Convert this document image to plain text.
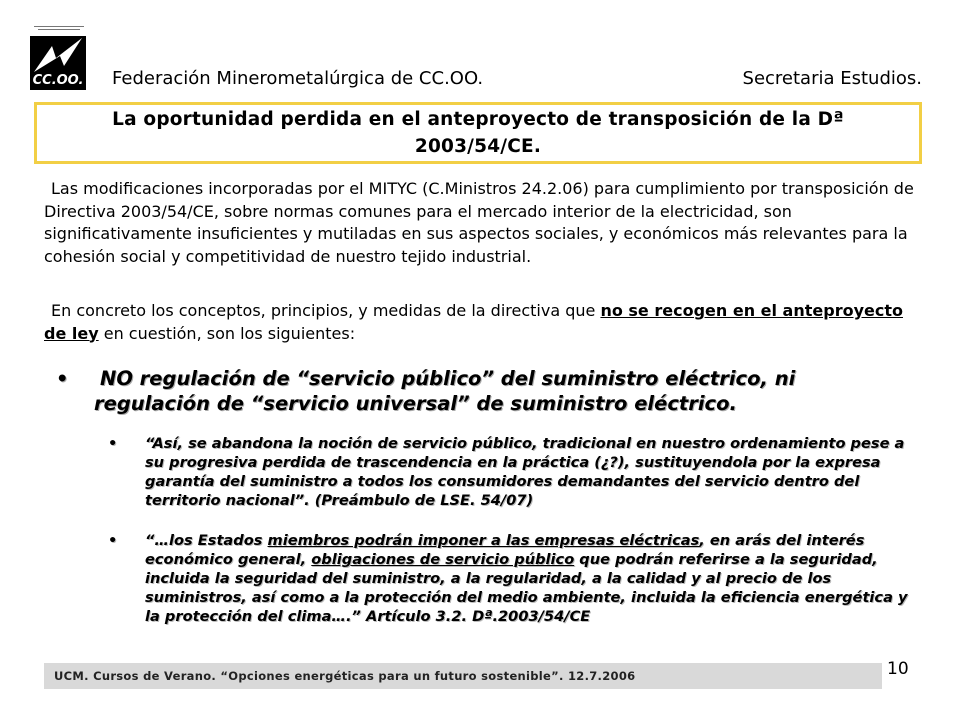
CC.OO. Federación Minerometalúrgica de CC.OO.	Secretaria Estudios.
La oportunidad perdida en el anteproyecto de transposición de la Dª 2003/54/CE.
Las modificaciones incorporadas por el MITYC (C.Ministros 24.2.06) para cumplimiento por transposición de Directiva 2003/54/CE, sobre normas comunes para el mercado interior de la electricidad, son significativamente insuficientes y mutiladas en sus aspectos sociales, y económicos más relevantes para la cohesión social y competitividad de nuestro tejido industrial.
En concreto los conceptos, principios, y medidas de la directiva que no se recogen en el anteproyecto de ley en cuestión, son los siguientes:
•	NO regulación de “servicio público” del suministro eléctrico, ni regulación de “servicio universal” de suministro eléctrico.
•	“Así, se abandona la noción de servicio público, tradicional en nuestro ordenamiento pese a su progresiva perdida de trascendencia en la práctica (¿?), sustituyendola por la expresa garantía del suministro a todos los consumidores demandantes del servicio dentro del territorio nacional”. (Preámbulo de LSE. 54/07)
•	“…los Estados miembros podrán imponer a las empresas eléctricas, en arás del interés económico general, obligaciones de servicio público que podrán referirse a la seguridad, incluida la seguridad del suministro, a la regularidad, a la calidad y al precio de los suministros, así como a la protección del medio ambiente, incluida la eficiencia energética y la protección del clima….” Artículo 3.2. Dª.2003/54/CE
UCM. Cursos de Verano. “Opciones energéticas para un futuro sostenible”. 12.7.2006	10
